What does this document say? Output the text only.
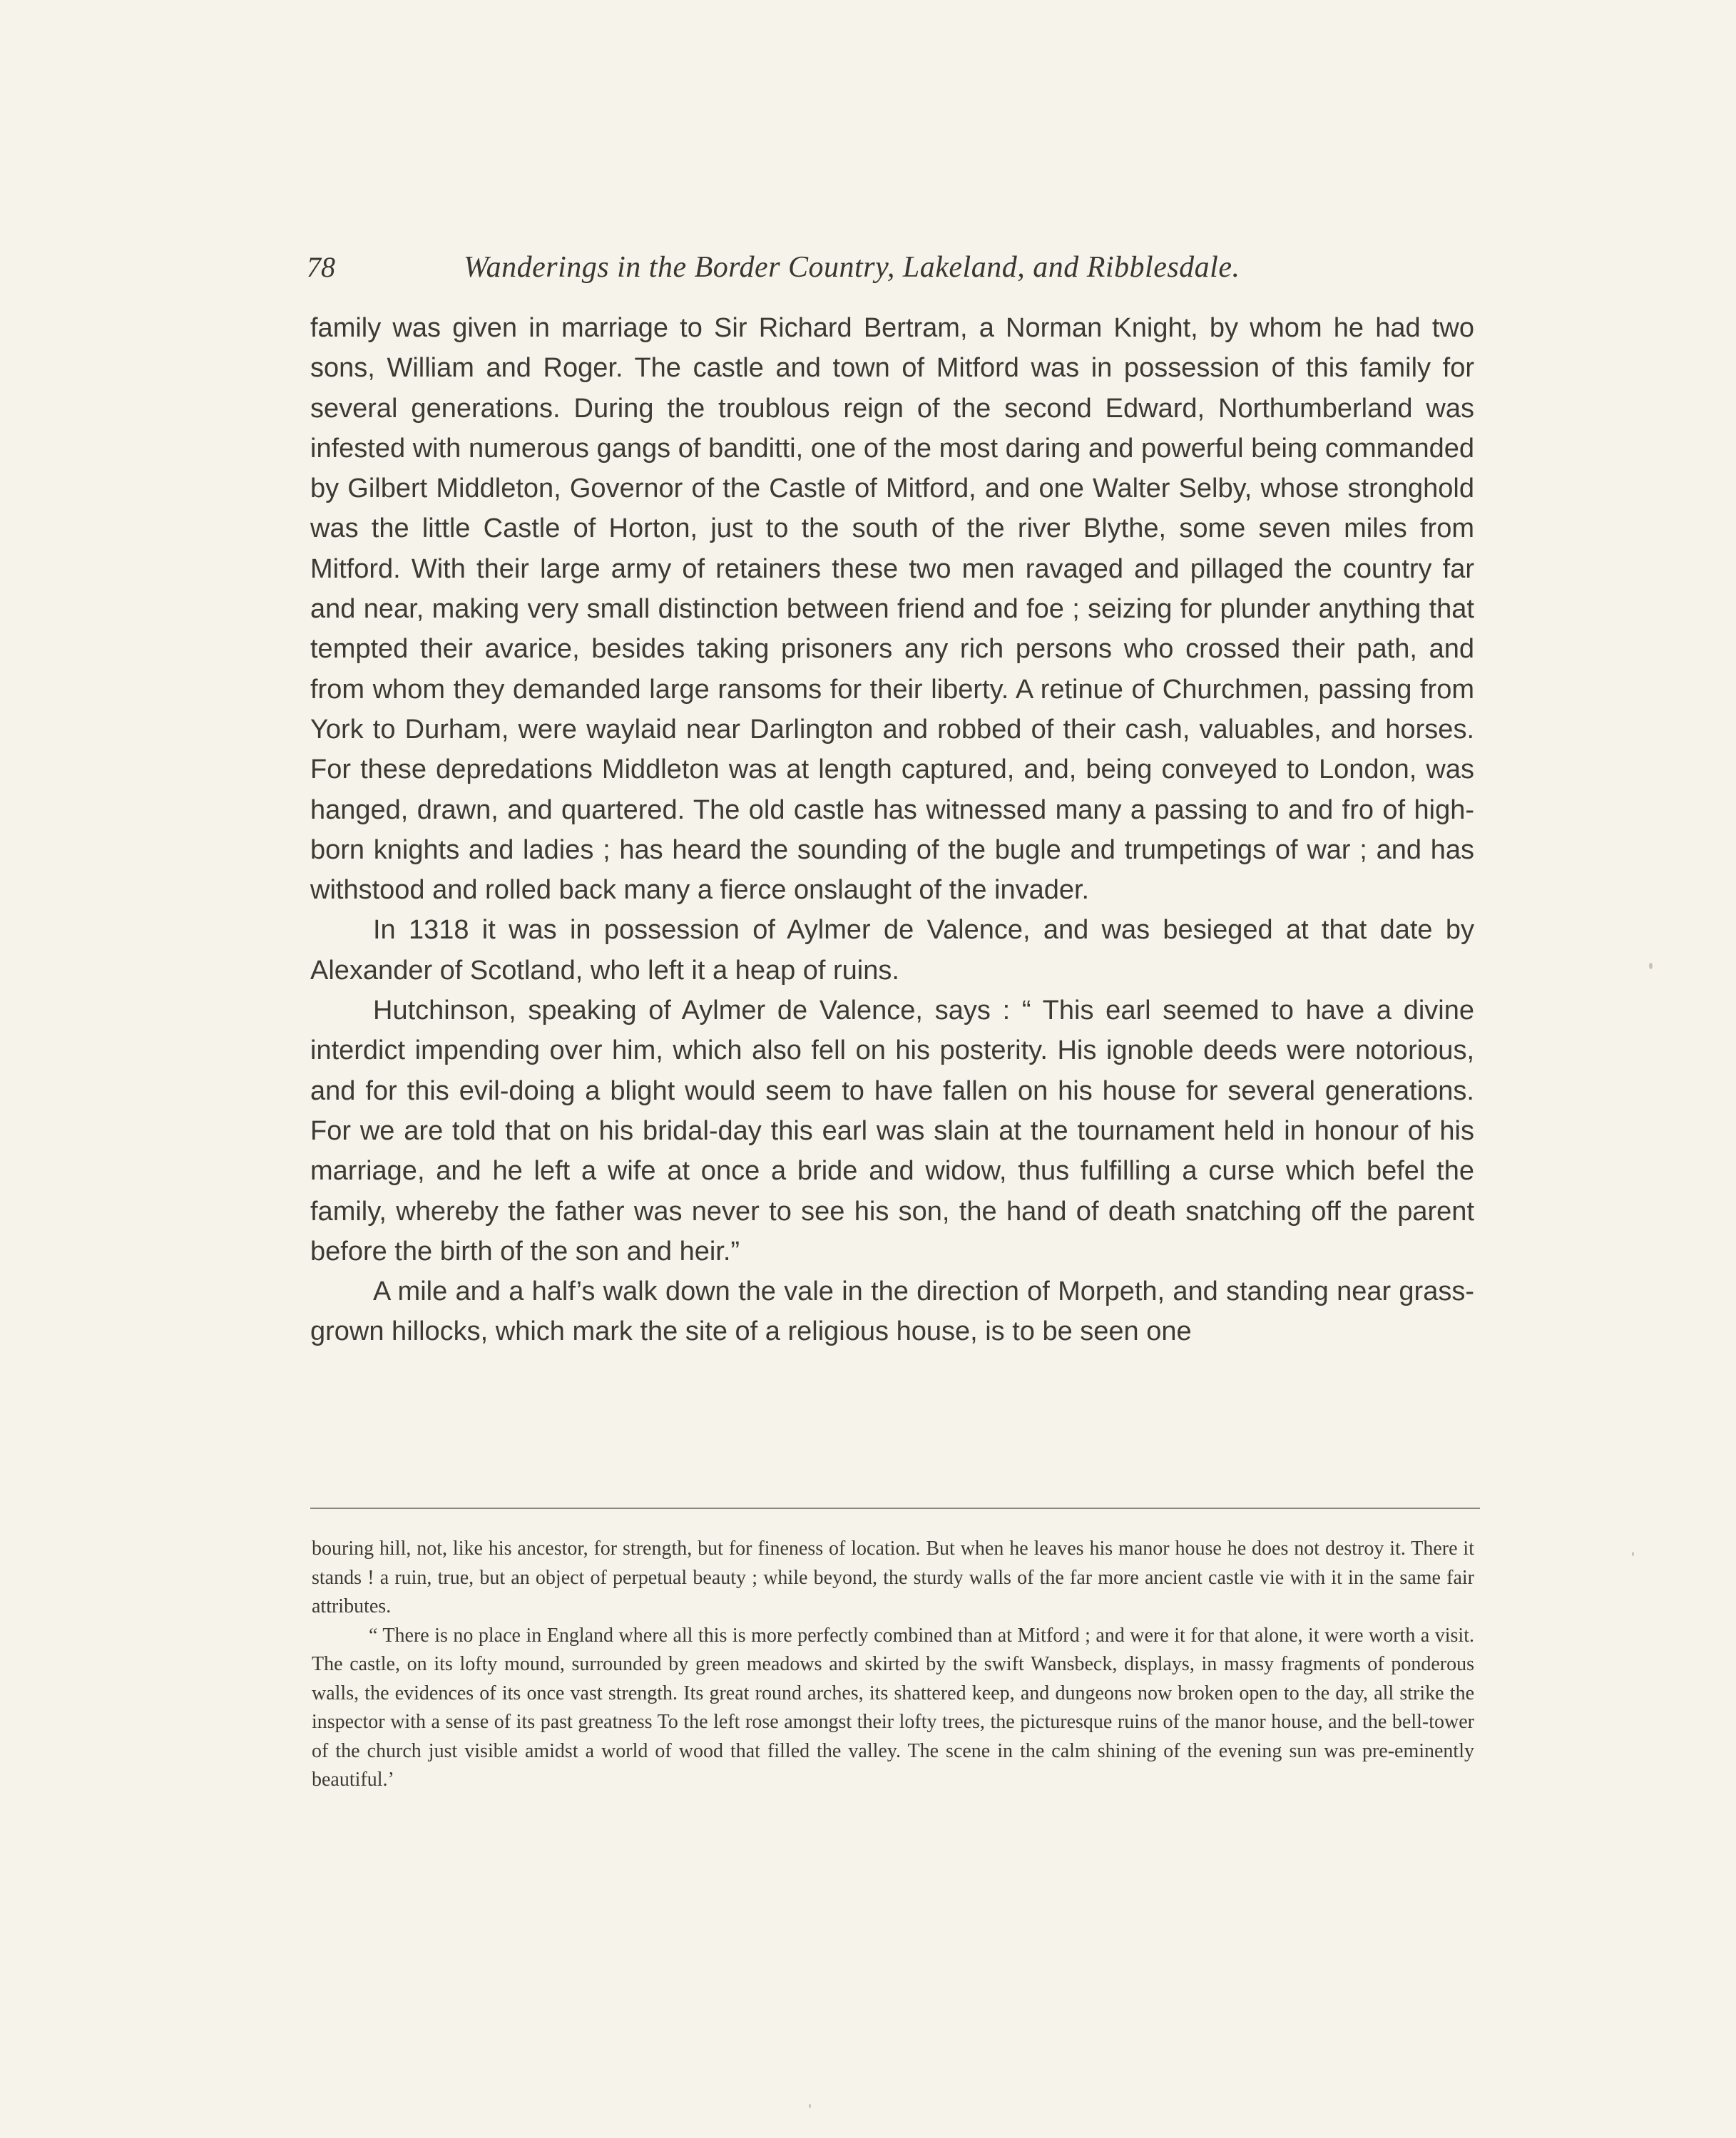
78	Wanderings in the Border Country, Lakeland, and Ribblesdale.

family was given in marriage to Sir Richard Bertram, a Norman Knight, by whom he had two sons, William and Roger. The castle and town of Mitford was in possession of this family for several generations. During the troublous reign of the second Edward, Northumberland was infested with numerous gangs of banditti, one of the most daring and powerful being commanded by Gilbert Middleton, Governor of the Castle of Mitford, and one Walter Selby, whose stronghold was the little Castle of Horton, just to the south of the river Blythe, some seven miles from Mitford. With their large army of retainers these two men ravaged and pillaged the country far and near, making very small distinction between friend and foe ; seizing for plunder anything that tempted their avarice, besides taking prisoners any rich persons who crossed their path, and from whom they demanded large ransoms for their liberty. A retinue of Churchmen, passing from York to Durham, were waylaid near Darlington and robbed of their cash, valuables, and horses. For these depredations Middleton was at length captured, and, being conveyed to London, was hanged, drawn, and quartered. The old castle has witnessed many a passing to and fro of high-born knights and ladies ; has heard the sounding of the bugle and trumpetings of war ; and has withstood and rolled back many a fierce onslaught of the invader.

In 1318 it was in possession of Aylmer de Valence, and was besieged at that date by Alexander of Scotland, who left it a heap of ruins.

Hutchinson, speaking of Aylmer de Valence, says : “ This earl seemed to have a divine interdict impending over him, which also fell on his posterity. His ignoble deeds were notorious, and for this evil-doing a blight would seem to have fallen on his house for several generations. For we are told that on his bridal-day this earl was slain at the tournament held in honour of his marriage, and he left a wife at once a bride and widow, thus fulfilling a curse which befel the family, whereby the father was never to see his son, the hand of death snatching off the parent before the birth of the son and heir.”

A mile and a half’s walk down the vale in the direction of Morpeth, and standing near grass-grown hillocks, which mark the site of a religious house, is to be seen one

bouring hill, not, like his ancestor, for strength, but for fineness of location. But when he leaves his manor house he does not destroy it. There it stands ! a ruin, true, but an object of perpetual beauty ; while beyond, the sturdy walls of the far more ancient castle vie with it in the same fair attributes.

“ There is no place in England where all this is more perfectly combined than at Mitford ; and were it for that alone, it were worth a visit. The castle, on its lofty mound, surrounded by green meadows and skirted by the swift Wansbeck, displays, in massy fragments of ponderous walls, the evidences of its once vast strength. Its great round arches, its shattered keep, and dungeons now broken open to the day, all strike the inspector with a sense of its past greatness To the left rose amongst their lofty trees, the picturesque ruins of the manor house, and the bell-tower of the church just visible amidst a world of wood that filled the valley. The scene in the calm shining of the evening sun was pre-eminently beautiful.’
